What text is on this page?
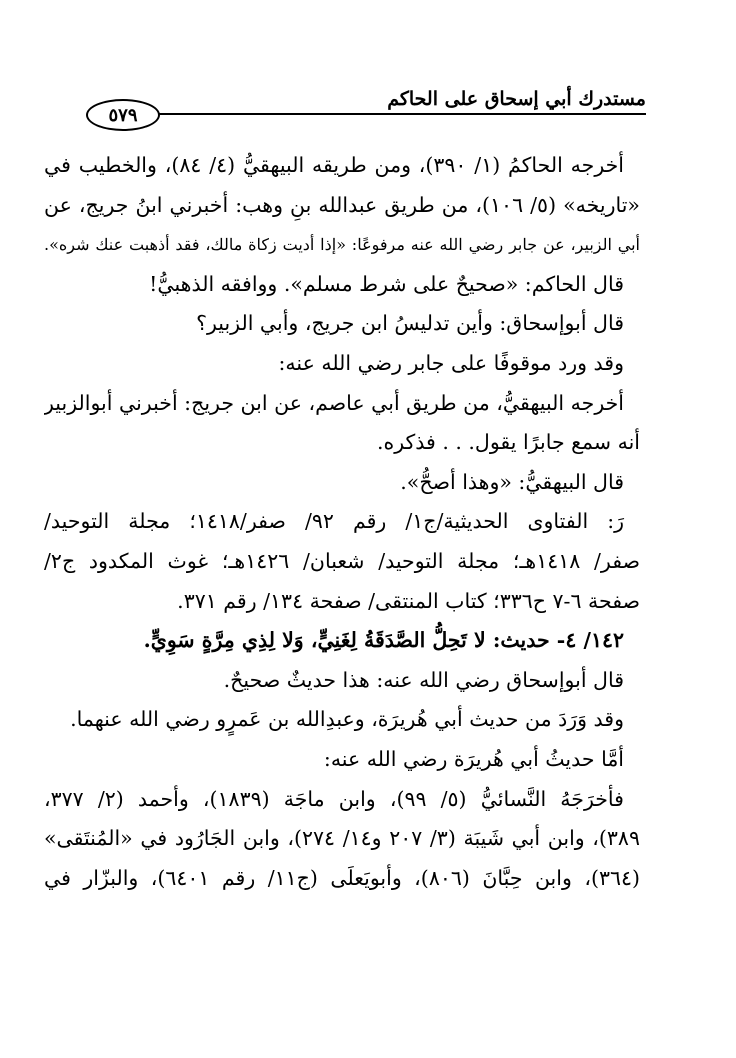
مستدرك أبي إسحاق على الحاكم
٥٧٩
أخرجه الحاكمُ (١/ ٣٩٠)، ومن طريقه البيهقيُّ (٤/ ٨٤)، والخطيب في
«تاريخه» (٥/ ١٠٦)، من طريق عبدالله بنِ وهب: أخبرني ابنُ جريج، عن
أبي الزبير، عن جابر رضي الله عنه مرفوعًا: «إذا أديت زكاة مالك، فقد أذهبت عنك شره».
قال الحاكم: «صحيحٌ على شرط مسلم». ووافقه الذهبيُّ!
قال أبوإسحاق: وأين تدليسُ ابن جريج، وأبي الزبير؟
وقد ورد موقوفًا على جابر رضي الله عنه:
أخرجه البيهقيُّ، من طريق أبي عاصم، عن ابن جريج: أخبرني أبوالزبير
أنه سمع جابرًا يقول. . . فذكره.
قال البيهقيُّ: «وهذا أصحُّ».
رَ: الفتاوى الحديثية/ج١/ رقم ٩٢/ صفر/١٤١٨؛ مجلة التوحيد/
صفر/ ١٤١٨هـ؛ مجلة التوحيد/ شعبان/ ١٤٢٦هـ؛ غوث المكدود ج٢/
صفحة ٦-٧ ح٣٣٦؛ كتاب المنتقى/ صفحة ١٣٤/ رقم ٣٧١.
١٤٢/ ٤- حديث: لا تَحِلُّ الصَّدَقَةُ لِغَنِيٍّ، وَلا لِذِي مِرَّةٍ سَوِيٍّ.
قال أبوإسحاق رضي الله عنه: هذا حديثٌ صحيحٌ.
وقد وَرَدَ من حديث أبي هُريرَة، وعبدِالله بن عَمرٍو رضي الله عنهما.
أمَّا حديثُ أبي هُريرَة رضي الله عنه:
فأخرَجَهُ النَّسائيُّ (٥/ ٩٩)، وابن ماجَة (١٨٣٩)، وأحمد (٢/ ٣٧٧،
٣٨٩)، وابن أبي شَيبَة (٣/ ٢٠٧ و١٤/ ٢٧٤)، وابن الجَارُود في «المُنتَقى»
(٣٦٤)، وابن حِبَّانَ (٨٠٦)، وأبويَعلَى (ج١١/ رقم ٦٤٠١)، والبزّار في
